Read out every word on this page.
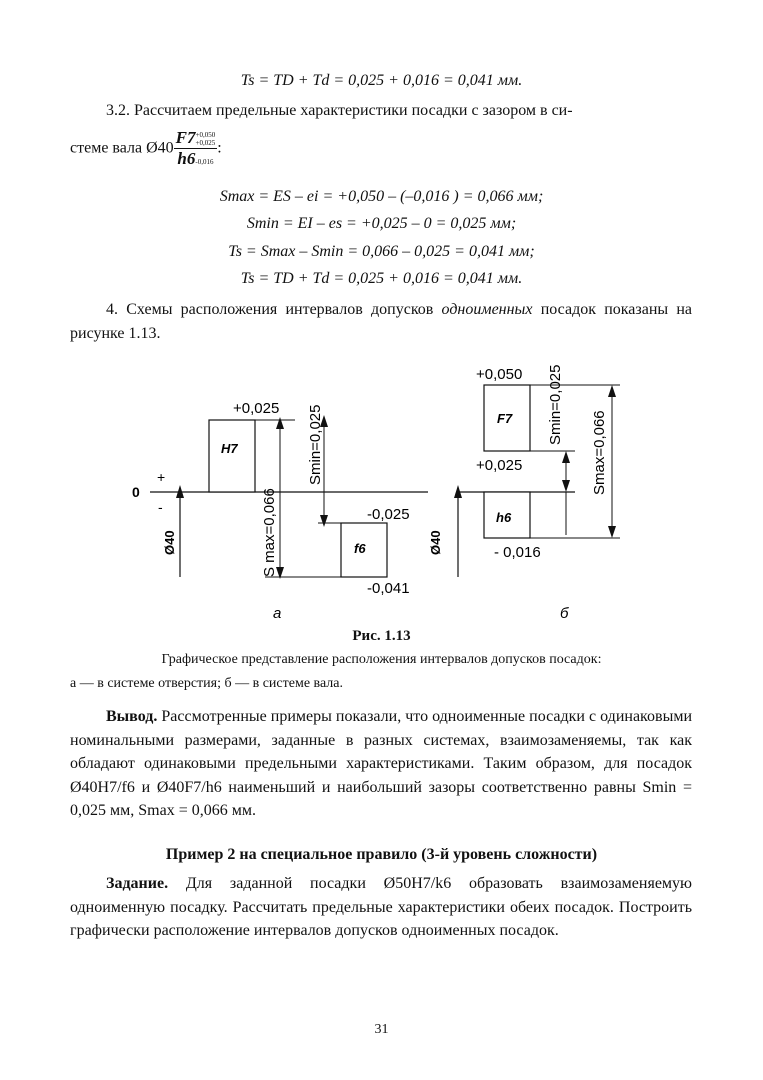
Ts = TD + Td = 0,025 + 0,016 = 0,041 мм.
3.2. Рассчитаем предельные характеристики посадки с зазором в си-
стеме вала Ø40 F7 +0,050
+0,025
h6-0,016 :
Smax = ES – ei = +0,050 – (–0,016 ) = 0,066 мм;
Smin = EI – es = +0,025 – 0 = 0,025 мм;
Ts = Smax – Smin = 0,066 – 0,025 = 0,041 мм;
Ts = TD + Td = 0,025 + 0,016 = 0,041 мм.

4. Схемы расположения интервалов допусков одноименных посадок показаны на рисунке 1.13.

+
0
-
Ø40
H7
+0,025
f6
-0,025
-0,041
Smin=0,025
S max=0,066
а
Ø40
F7
+0,050
+0,025
h6
- 0,016
Smin=0,025
Smax=0,066
б
Рис. 1.13
Графическое представление расположения интервалов допусков посадок:
а — в системе отверстия; б — в системе вала.

Вывод. Рассмотренные примеры показали, что одноименные посадки с одинаковыми номинальными размерами, заданные в разных системах, взаимозаменяемы, так как обладают одинаковыми предельными характеристиками. Таким образом, для посадок Ø40H7/f6 и Ø40F7/h6 наименьший и наибольший зазоры соответственно равны Smin = 0,025 мм, Smax = 0,066 мм.

Пример 2 на специальное правило (3-й уровень сложности)

Задание. Для заданной посадки Ø50H7/k6 образовать взаимозаменяемую одноименную посадку. Рассчитать предельные характеристики обеих посадок. Построить графически расположение интервалов допусков одноименных посадок.

31
